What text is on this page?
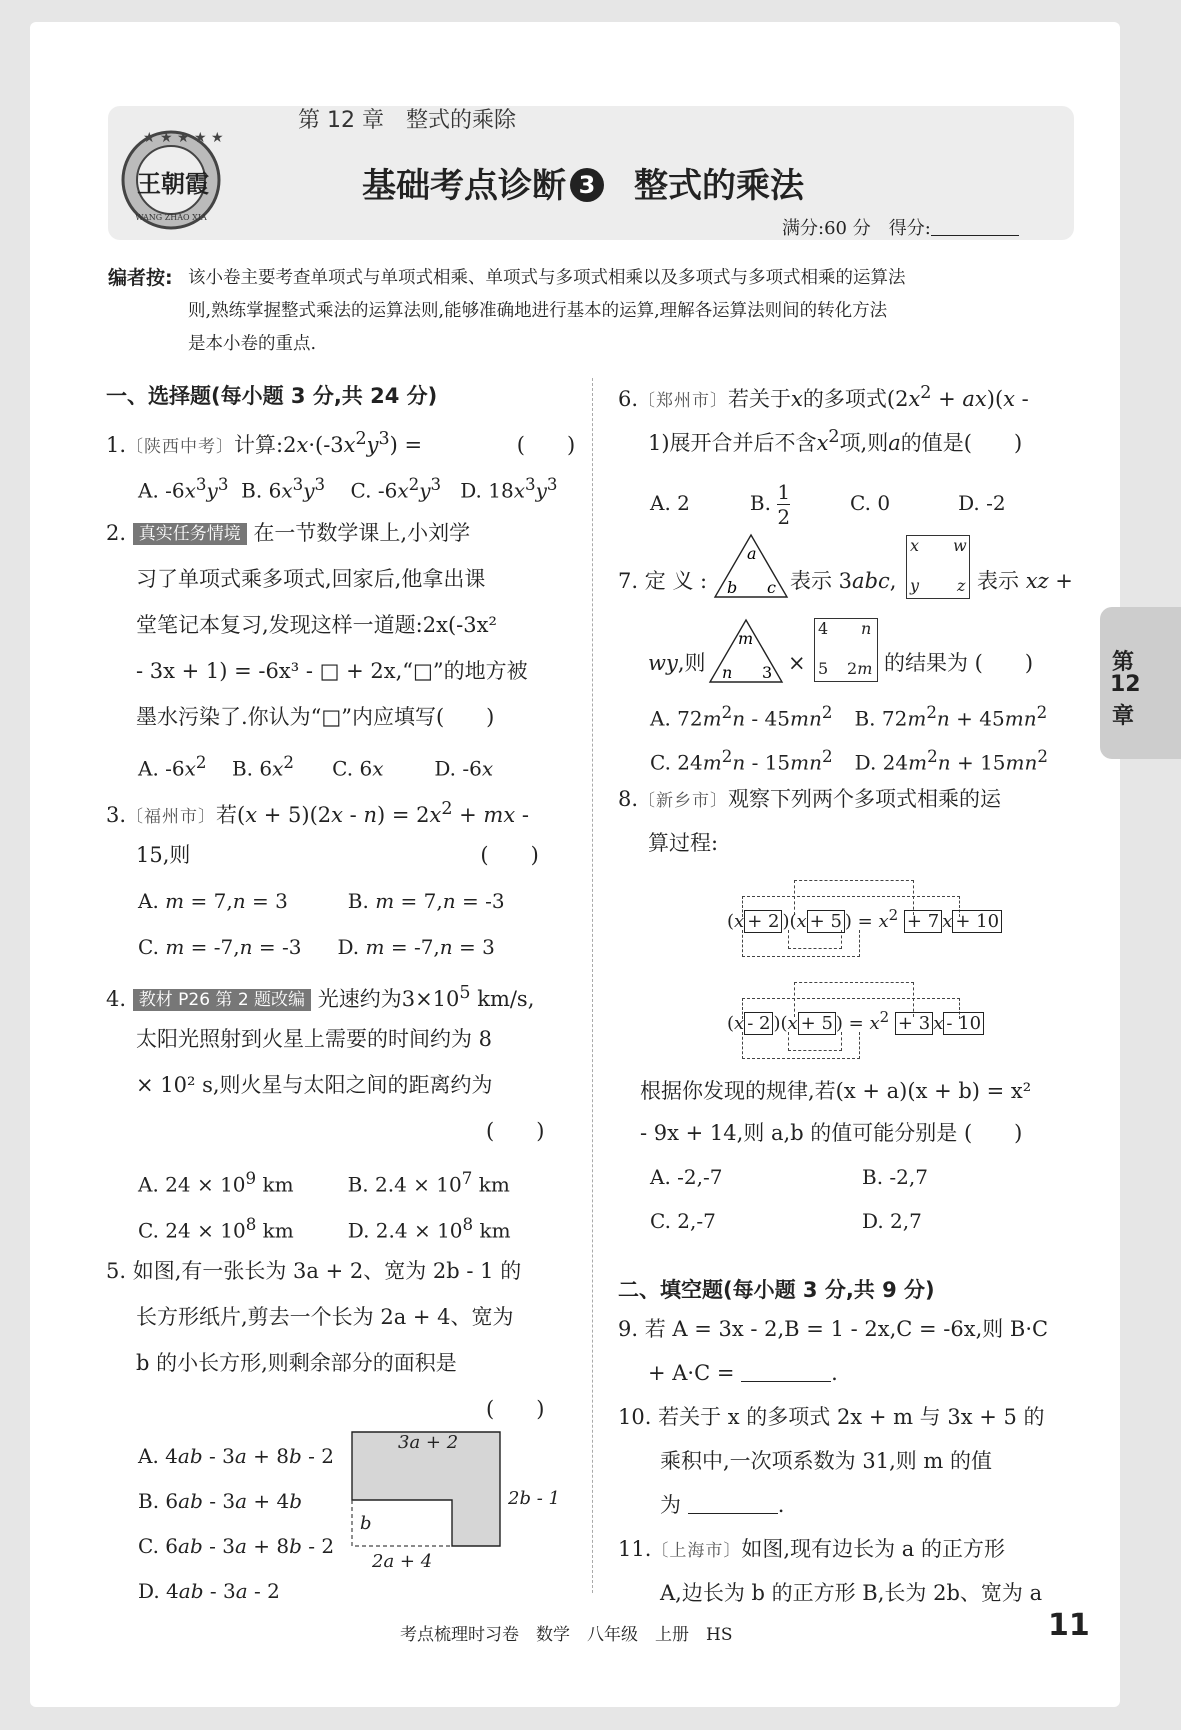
第 12 章　整式的乘除
★ ★ ★ ★ ★
WANG ZHAO XIA
王朝霞	基础考点诊断 3 整式的乘法
满分:60 分　得分:
编者按: 该小卷主要考查单项式与单项式相乘、单项式与多项式相乘以及多项式与多项式相乘的运算法
则,熟练掌握整式乘法的运算法则,能够准确地进行基本的运算,理解各运算法则间的转化方法
是本小卷的重点.
一、选择题(每小题 3 分,共 24 分)
1.〔陕西中考〕计算$:2x\cdot(-3x^2y^3)$ =	(　　)
A. $-6x^3y^3$  B. $6x^3y^3$    C. $-6x^2y^3$   D. $18x^3y^3$
2. 真实任务情境 在一节数学课上,小刘学
习了单项式乘多项式,回家后,他拿出课
堂笔记本复习,发现这样一道题:2x(-3x²
- 3x + 1) = -6x³ - □ + 2x,“□”的地方被
墨水污染了.你认为“□”内应填写(　　)
A. $-6x^2$    B. $6x^2$      C. 6x        D. -6x
3.〔福州市〕若$(x + 5)(2x - n) = 2x^2$ + mx -
15,则	(　　)
A. m = 7,n = 3	B. m = 7,n = -3
C. m = -7,n = -3 D. m = -7,n = 3
4. 教材 P26 第 2 题改编 光速约为$3\times 10^5$ km/s,
太阳光照射到火星上需要的时间约为 8
× 10² s,则火星与太阳之间的距离约为
(　　)
A. $24 \times 10^9$ km	B. $2.4 \times 10^7$ km
C. $24 \times 10^8$ km	D. $2.4 \times 10^8$ km
5. 如图,有一张长为 3a + 2、宽为 2b - 1 的
长方形纸片,剪去一个长为 2a + 4、宽为
b 的小长方形,则剩余部分的面积是
(　　)
A. 4ab - 3a + 8b - 2
B. 6ab - 3a + 4b
C. 6ab - 3a + 8b - 2
D. 4ab - 3a - 2
3a + 2
2b - 1
b
2a + 4
6.〔郑州市〕若关于x的多项式$(2x^2 + ax)(x$ -
1)展开合并后不含$x^2$项,则a的值是(　　)
A. 2	B. $\frac{1}{2}$	C. 0	D. -2
7. 定 义 :
a
b c 表示 3abc,
x w
y z 表示 xz +
wy,则
m
n 3 ×
4 n
5 2m 的结果为 (　　)
A. $72m^2n - 45mn^2$ B. $72m^2n + 45mn^2$
C. $24m^2n - 15mn^2$ D. $24m^2n + 15mn^2$
8.〔新乡市〕观察下列两个多项式相乘的运
算过程:
(x + 2 )(x + 5 ) = $x^2 + 7$ x + 10
(x - 2 )(x + 5 ) = $x^2 + 3$ x - 10
根据你发现的规律,若(x + a)(x + b) = x²
- 9x + 14,则 a,b 的值可能分别是 (　　)
A. -2,-7	B. -2,7
C. 2,-7	D. 2,7
二、填空题(每小题 3 分,共 9 分)
9. 若 A = 3x - 2,B = 1 - 2x,C = -6x,则 B·C
+ A·C =	.
10. 若关于 x 的多项式 2x + m 与 3x + 5 的
乘积中,一次项系数为 31,则 m 的值
为	.
11.〔上海市〕如图,现有边长为 a 的正方形
A,边长为 b 的正方形 B,长为 2b、宽为 a
第
12
章
考点梳理时习卷　数学　八年级　上册　HS	11
